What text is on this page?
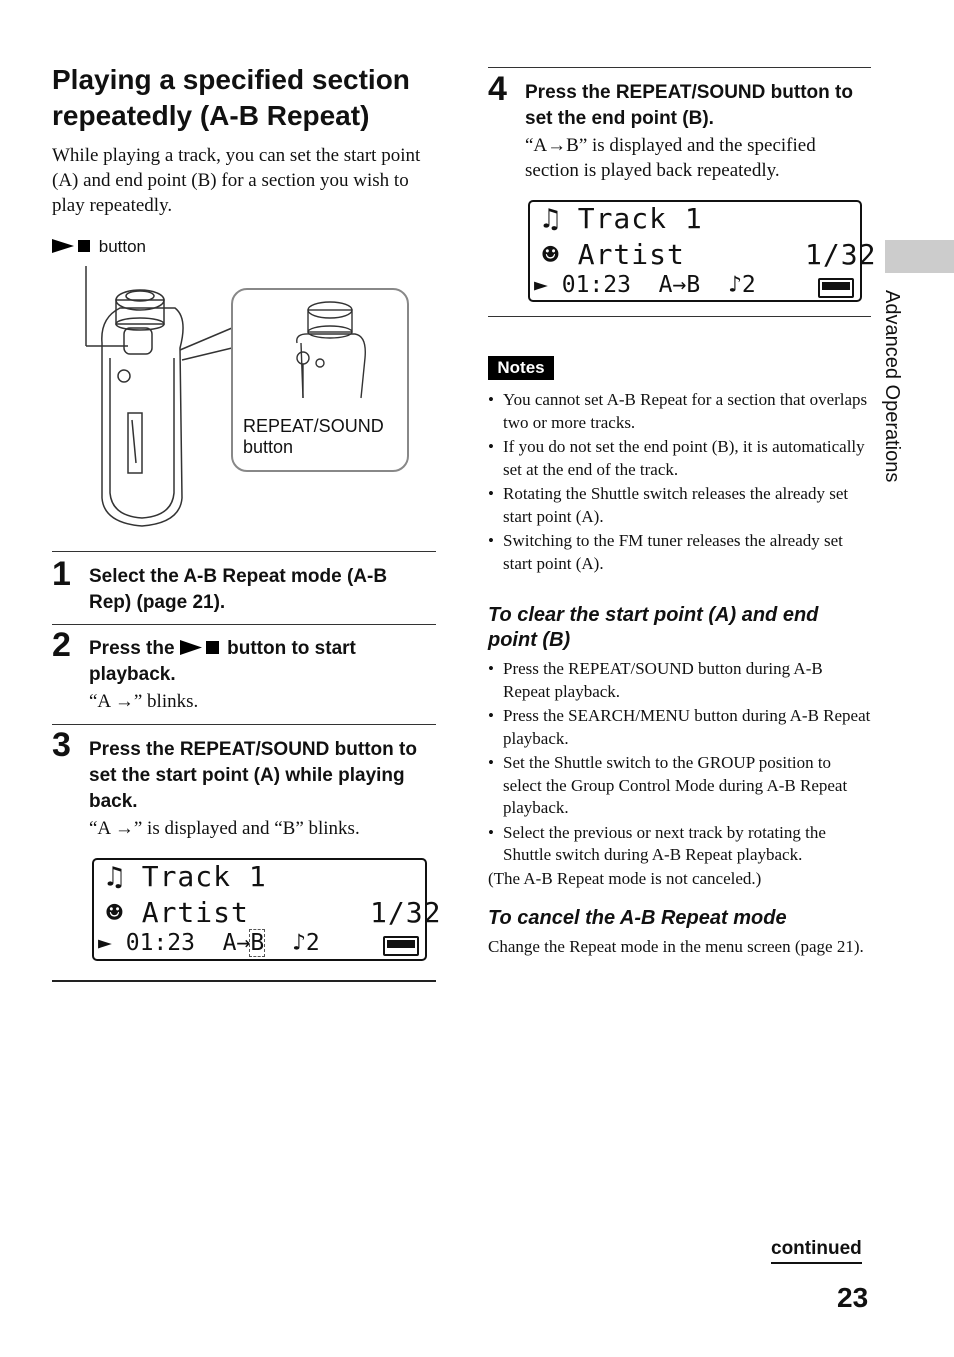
Playing a specified section
repeatedly (A-B Repeat)
While playing a track, you can set the start point (A) and end point (B) for a section you wish to play repeatedly.
button
REPEAT/SOUND
button
1 Select the A-B Repeat mode (A-B Rep) (page 21).
2 Press the	button to start playback.
“A →” blinks.
3 Press the REPEAT/SOUND button to set the start point (A) while playing back.
“A →” is displayed and “B” blinks.
♫ Track 1
☻ Artist	1/32
► 01:23 A→B ♪2
4 Press the REPEAT/SOUND button to set the end point (B).
“A→B” is displayed and the specified section is played back repeatedly.
♫ Track 1
☻ Artist	1/32
► 01:23 A→B ♪2
Notes
• You cannot set A-B Repeat for a section that overlaps two or more tracks.
• If you do not set the end point (B), it is automatically set at the end of the track.
• Rotating the Shuttle switch releases the already set start point (A).
• Switching to the FM tuner releases the already set start point (A).
To clear the start point (A) and end point (B)
• Press the REPEAT/SOUND button during A-B Repeat playback.
• Press the SEARCH/MENU button during A-B Repeat playback.
• Set the Shuttle switch to the GROUP position to select the Group Control Mode during A-B Repeat playback.
• Select the previous or next track by rotating the Shuttle switch during A-B Repeat playback.
(The A-B Repeat mode is not canceled.)
To cancel the A-B Repeat mode
Change the Repeat mode in the menu screen (page 21).
Advanced Operations
continued
23
